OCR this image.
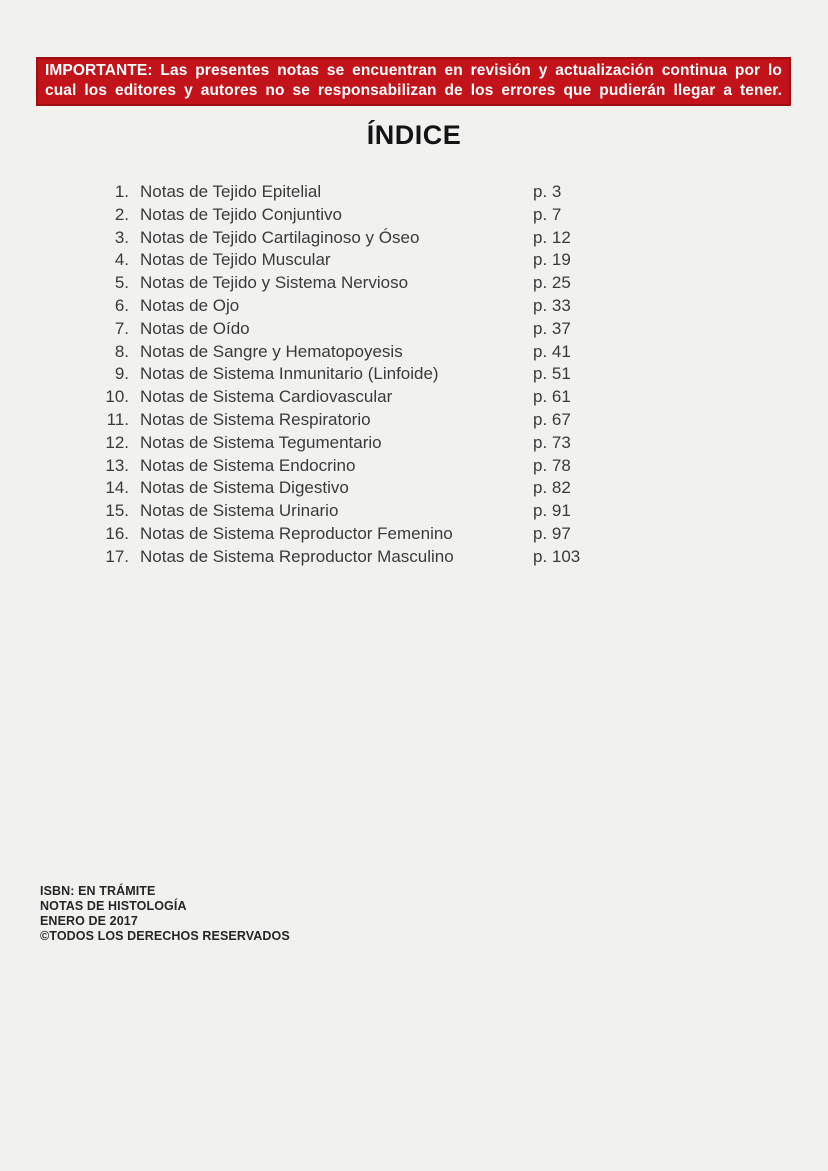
IMPORTANTE: Las presentes notas se encuentran en revisión y actualización continua por lo
cual los editores y autores no se responsabilizan de los errores que pudierán llegar a tener.
ÍNDICE
1. Notas de Tejido Epitelial	p. 3
2. Notas de Tejido Conjuntivo	p. 7
3. Notas de Tejido Cartilaginoso y Óseo	p. 12
4. Notas de Tejido Muscular	p. 19
5. Notas de Tejido y Sistema Nervioso	p. 25
6. Notas de Ojo	p. 33
7. Notas de Oído	p. 37
8. Notas de Sangre y Hematopoyesis	p. 41
9. Notas de Sistema Inmunitario (Linfoide)	p. 51
10. Notas de Sistema Cardiovascular	p. 61
11. Notas de Sistema Respiratorio	p. 67
12. Notas de Sistema Tegumentario	p. 73
13. Notas de Sistema Endocrino	p. 78
14. Notas de Sistema Digestivo	p. 82
15. Notas de Sistema Urinario	p. 91
16. Notas de Sistema Reproductor Femenino	p. 97
17. Notas de Sistema Reproductor Masculino	p. 103
ISBN: EN TRÁMITE
NOTAS DE HISTOLOGÍA
ENERO DE 2017
©TODOS LOS DERECHOS RESERVADOS
